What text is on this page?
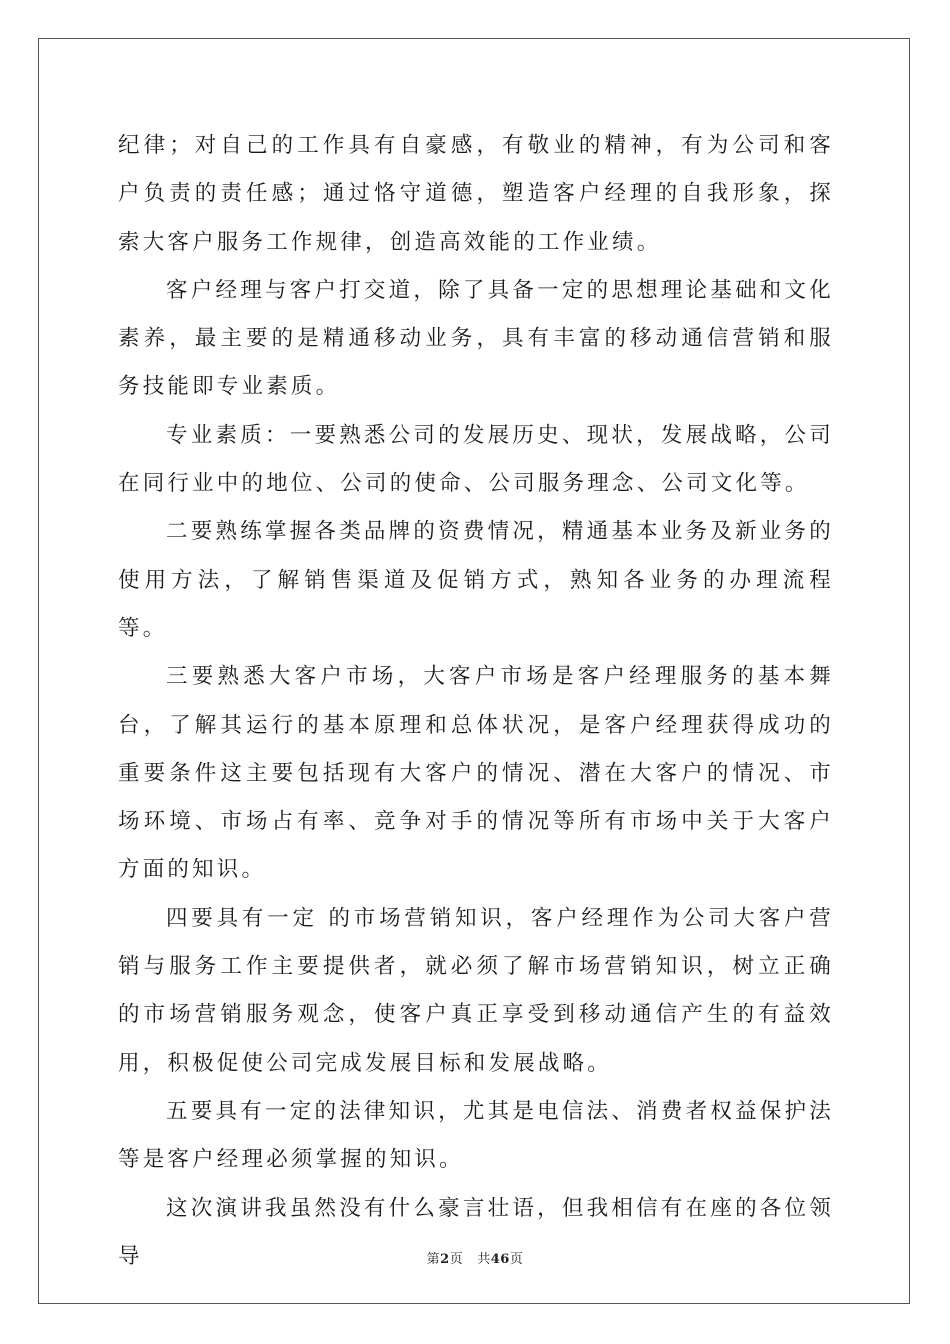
纪律；对自己的工作具有自豪感，有敬业的精神，有为公司和客户负责的责任感；通过恪守道德，塑造客户经理的自我形象，探索大客户服务工作规律，创造高效能的工作业绩。

客户经理与客户打交道，除了具备一定的思想理论基础和文化素养，最主要的是精通移动业务，具有丰富的移动通信营销和服务技能即专业素质。

专业素质：一要熟悉公司的发展历史、现状，发展战略，公司在同行业中的地位、公司的使命、公司服务理念、公司文化等。

二要熟练掌握各类品牌的资费情况，精通基本业务及新业务的使用方法，了解销售渠道及促销方式，熟知各业务的办理流程等。

三要熟悉大客户市场，大客户市场是客户经理服务的基本舞台，了解其运行的基本原理和总体状况，是客户经理获得成功的重要条件这主要包括现有大客户的情况、潜在大客户的情况、市场环境、市场占有率、竞争对手的情况等所有市场中关于大客户方面的知识。

四要具有一定 的市场营销知识，客户经理作为公司大客户营销与服务工作主要提供者，就必须了解市场营销知识，树立正确的市场营销服务观念，使客户真正享受到移动通信产生的有益效用，积极促使公司完成发展目标和发展战略。

五要具有一定的法律知识，尤其是电信法、消费者权益保护法等是客户经理必须掌握的知识。

这次演讲我虽然没有什么豪言壮语，但我相信有在座的各位领导	第2页 共46页
